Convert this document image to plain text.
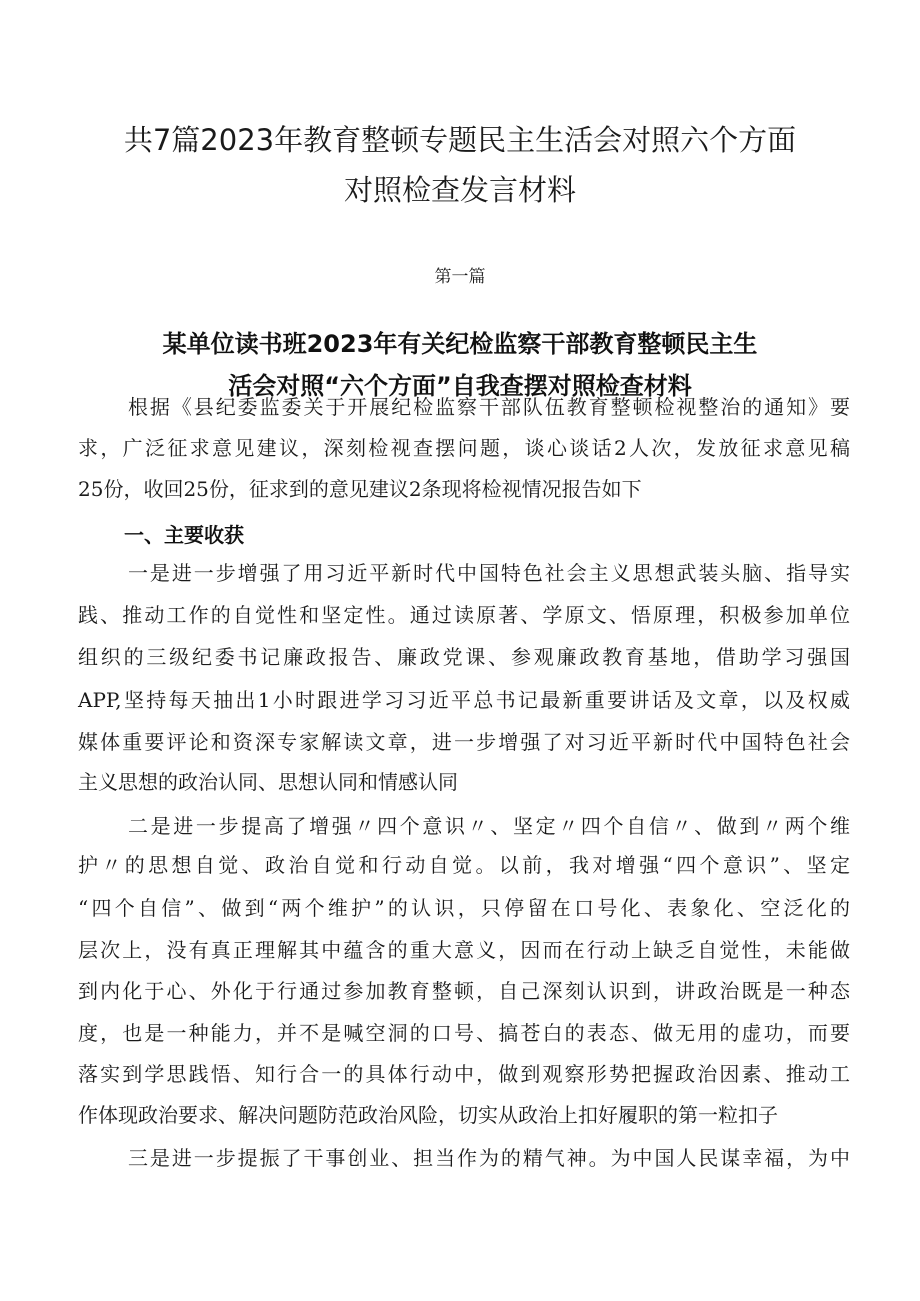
共7篇2023年教育整顿专题民主生活会对照六个方面
对照检查发言材料
第一篇
某单位读书班2023年有关纪检监察干部教育整顿民主生
活会对照“六个方面”自我查摆对照检查材料
根据《县纪委监委关于开展纪检监察干部队伍教育整顿检视整治的通知》要
求，广泛征求意见建议，深刻检视查摆问题，谈心谈话2人次，发放征求意见稿
25份，收回25份，征求到的意见建议2条现将检视情况报告如下
一、主要收获
一是进一步增强了用习近平新时代中国特色社会主义思想武装头脑、指导实
践、推动工作的自觉性和坚定性。通过读原著、学原文、悟原理，积极参加单位
组织的三级纪委书记廉政报告、廉政党课、参观廉政教育基地，借助学习强国
APP,坚持每天抽出1小时跟进学习习近平总书记最新重要讲话及文章，以及权威
媒体重要评论和资深专家解读文章，进一步增强了对习近平新时代中国特色社会
主义思想的政治认同、思想认同和情感认同
二是进一步提高了增强〃四个意识〃、坚定〃四个自信〃、做到〃两个维
护〃的思想自觉、政治自觉和行动自觉。以前，我对增强“四个意识”、坚定
“四个自信”、做到“两个维护”的认识，只停留在口号化、表象化、空泛化的
层次上，没有真正理解其中蕴含的重大意义，因而在行动上缺乏自觉性，未能做
到内化于心、外化于行通过参加教育整顿，自己深刻认识到，讲政治既是一种态
度，也是一种能力，并不是喊空洞的口号、搞苍白的表态、做无用的虚功，而要
落实到学思践悟、知行合一的具体行动中，做到观察形势把握政治因素、推动工
作体现政治要求、解决问题防范政治风险，切实从政治上扣好履职的第一粒扣子
三是进一步提振了干事创业、担当作为的精气神。为中国人民谋幸福，为中
